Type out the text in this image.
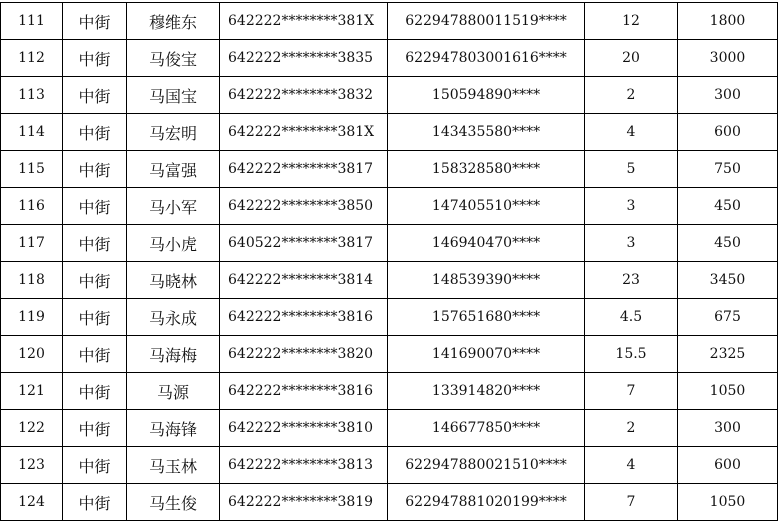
111	中街	穆维东	642222********381X	622947880011519****	12	1800
112	中街	马俊宝	642222********3835	622947803001616****	20	3000
113	中街	马国宝	642222********3832	150594890****	2	300
114	中街	马宏明	642222********381X	143435580****	4	600
115	中街	马富强	642222********3817	158328580****	5	750
116	中街	马小军	642222********3850	147405510****	3	450
117	中街	马小虎	640522********3817	146940470****	3	450
118	中街	马晓林	642222********3814	148539390****	23	3450
119	中街	马永成	642222********3816	157651680****	4.5	675
120	中街	马海梅	642222********3820	141690070****	15.5	2325
121	中街	马源	642222********3816	133914820****	7	1050
122	中街	马海锋	642222********3810	146677850****	2	300
123	中街	马玉林	642222********3813	622947880021510****	4	600
124	中街	马生俊	642222********3819	622947881020199****	7	1050
